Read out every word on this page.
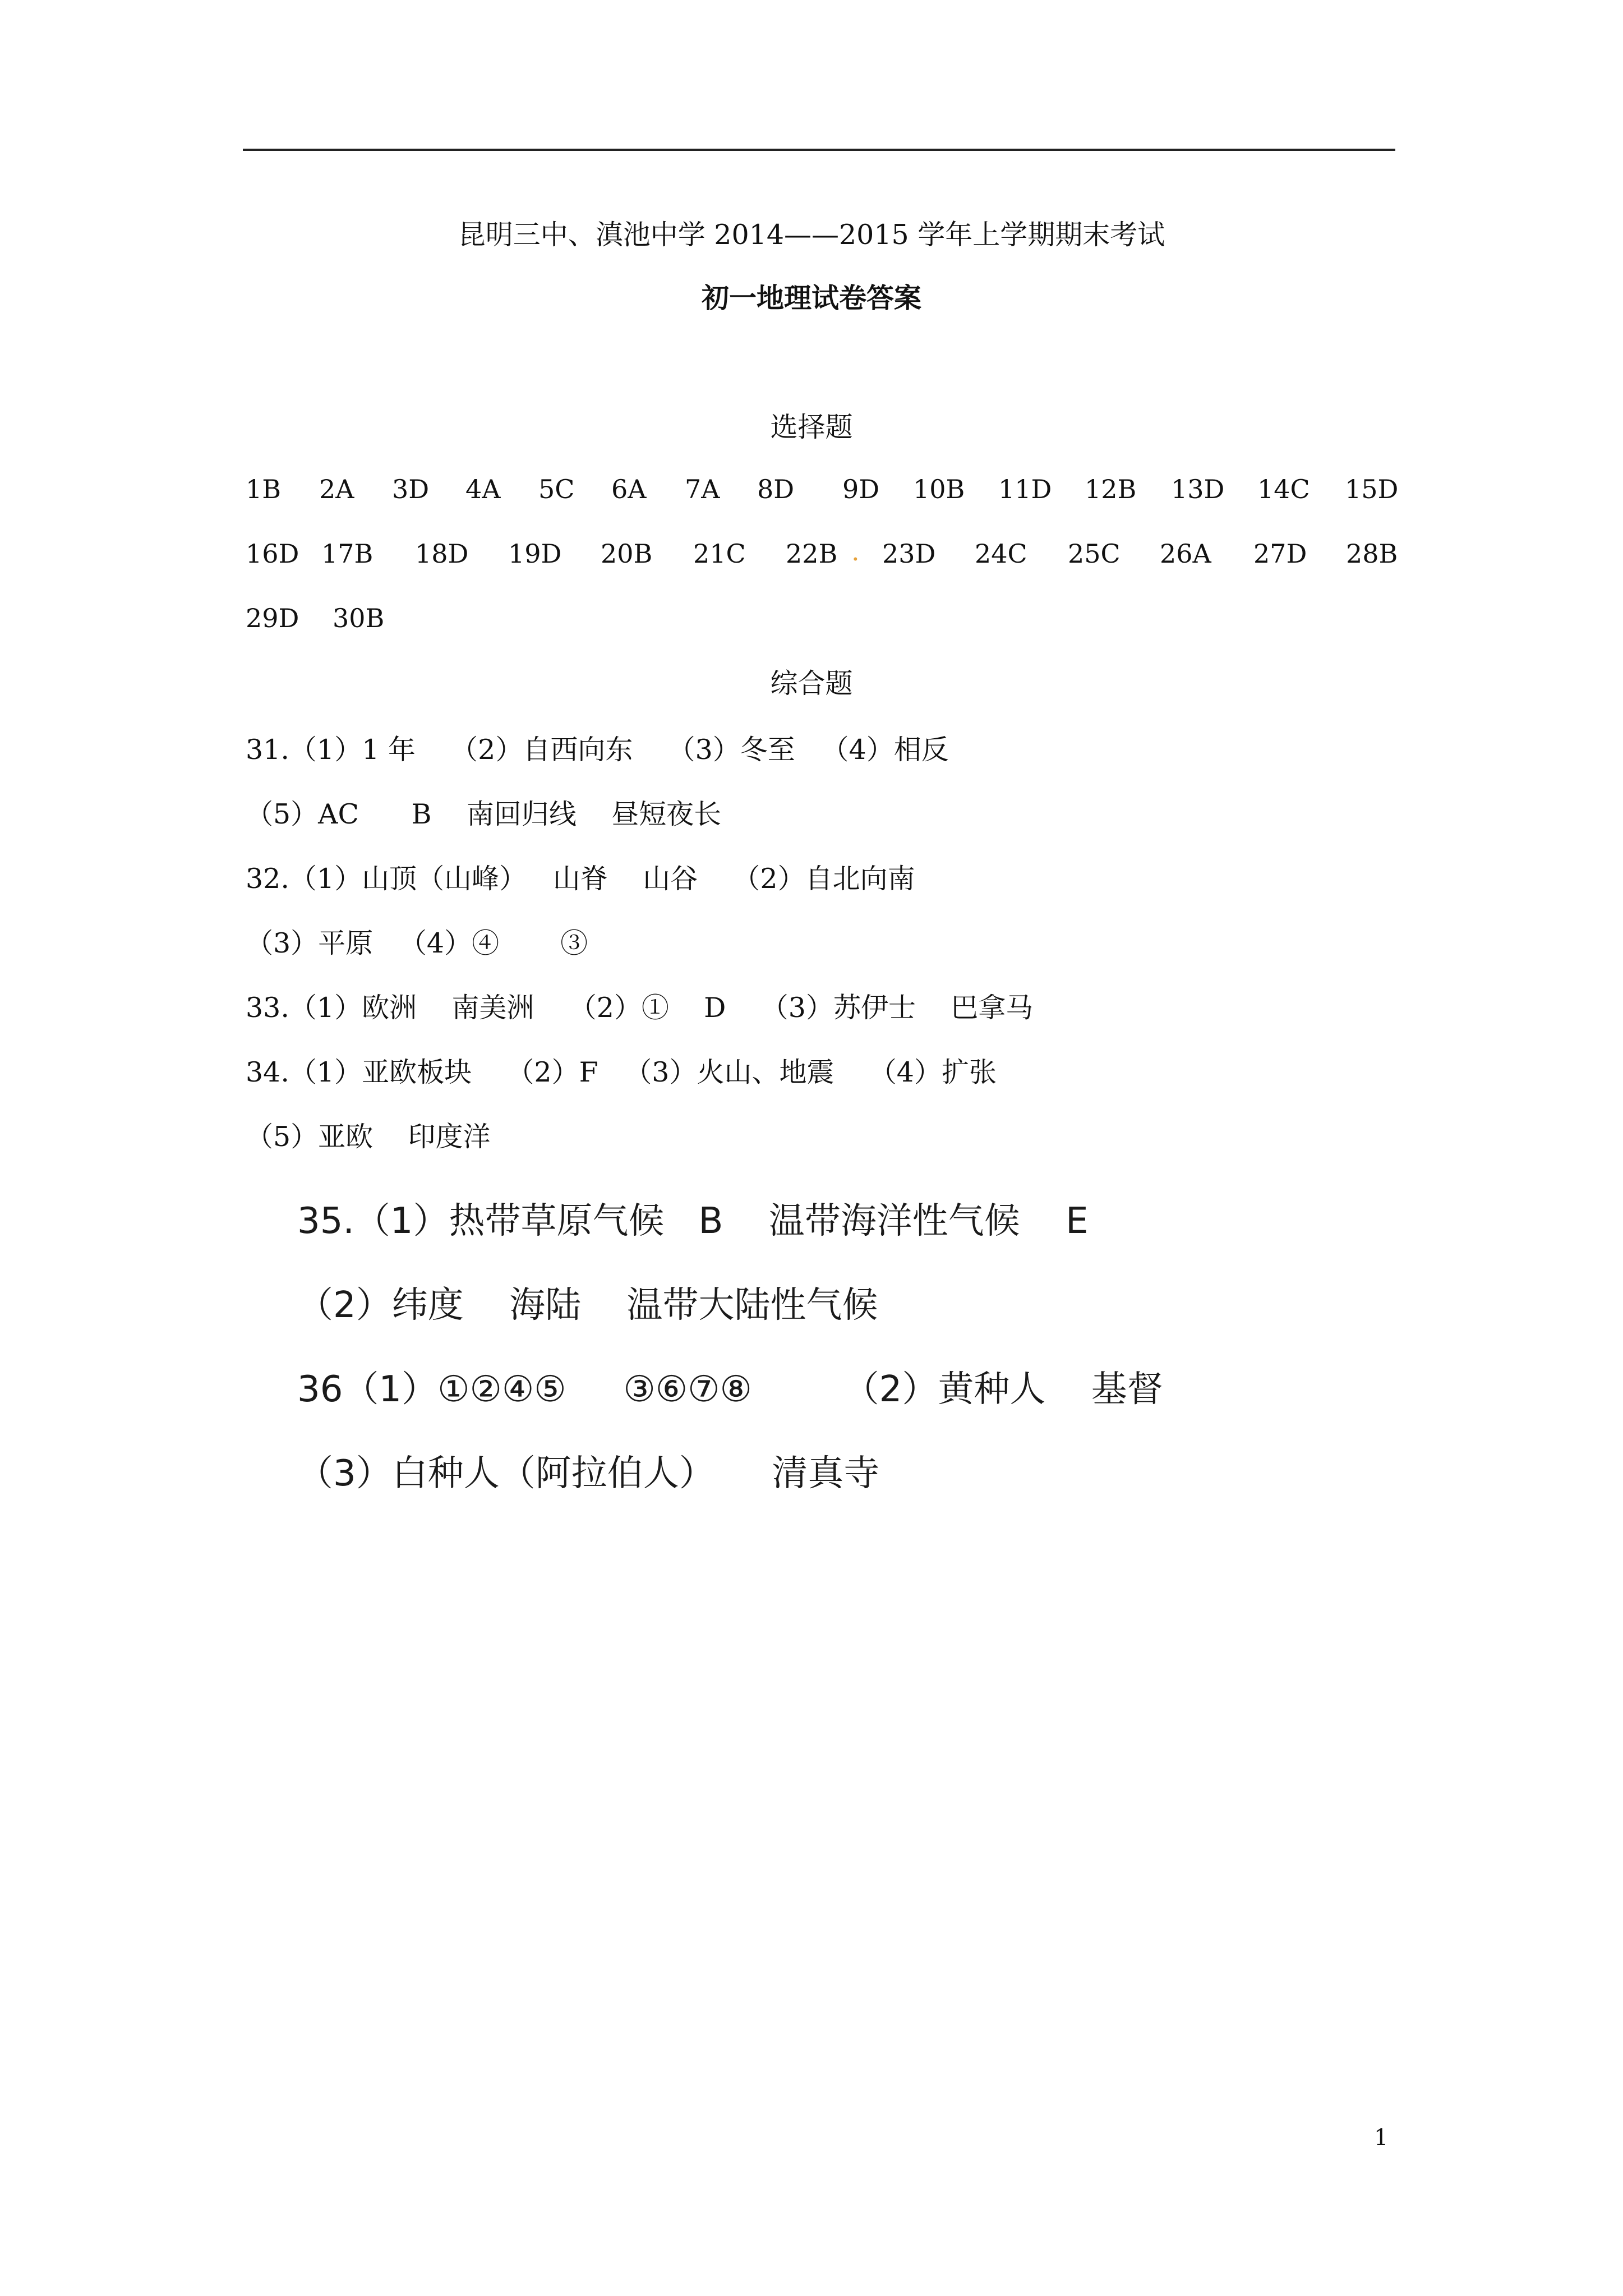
昆明三中、滇池中学 2014——2015 学年上学期期末考试
初一地理试卷答案
选择题
1B 2A 3D 4A 5C 6A 7A 8D 9D 10B 11D 12B 13D 14C 15D
16D 17B 18D 19D 20B 21C 22B . 23D 24C 25C 26A 27D 28B
29D 30B
综合题
31.（1）1 年    （2）自西向东    （3）冬至   （4）相反
（5）AC      B    南回归线    昼短夜长
32.（1）山顶（山峰）   山脊    山谷    （2）自北向南
（3）平原   （4）④       ③
33.（1）欧洲    南美洲    （2）①    D    （3）苏伊士    巴拿马
34.（1）亚欧板块    （2）F   （3）火山、地震    （4）扩张
（5）亚欧    印度洋
35.（1）热带草原气候   B    温带海洋性气候    E
（2）纬度    海陆    温带大陆性气候
36（1）①②④⑤     ③⑥⑦⑧        （2）黄种人    基督
（3）白种人（阿拉伯人）     清真寺
1
